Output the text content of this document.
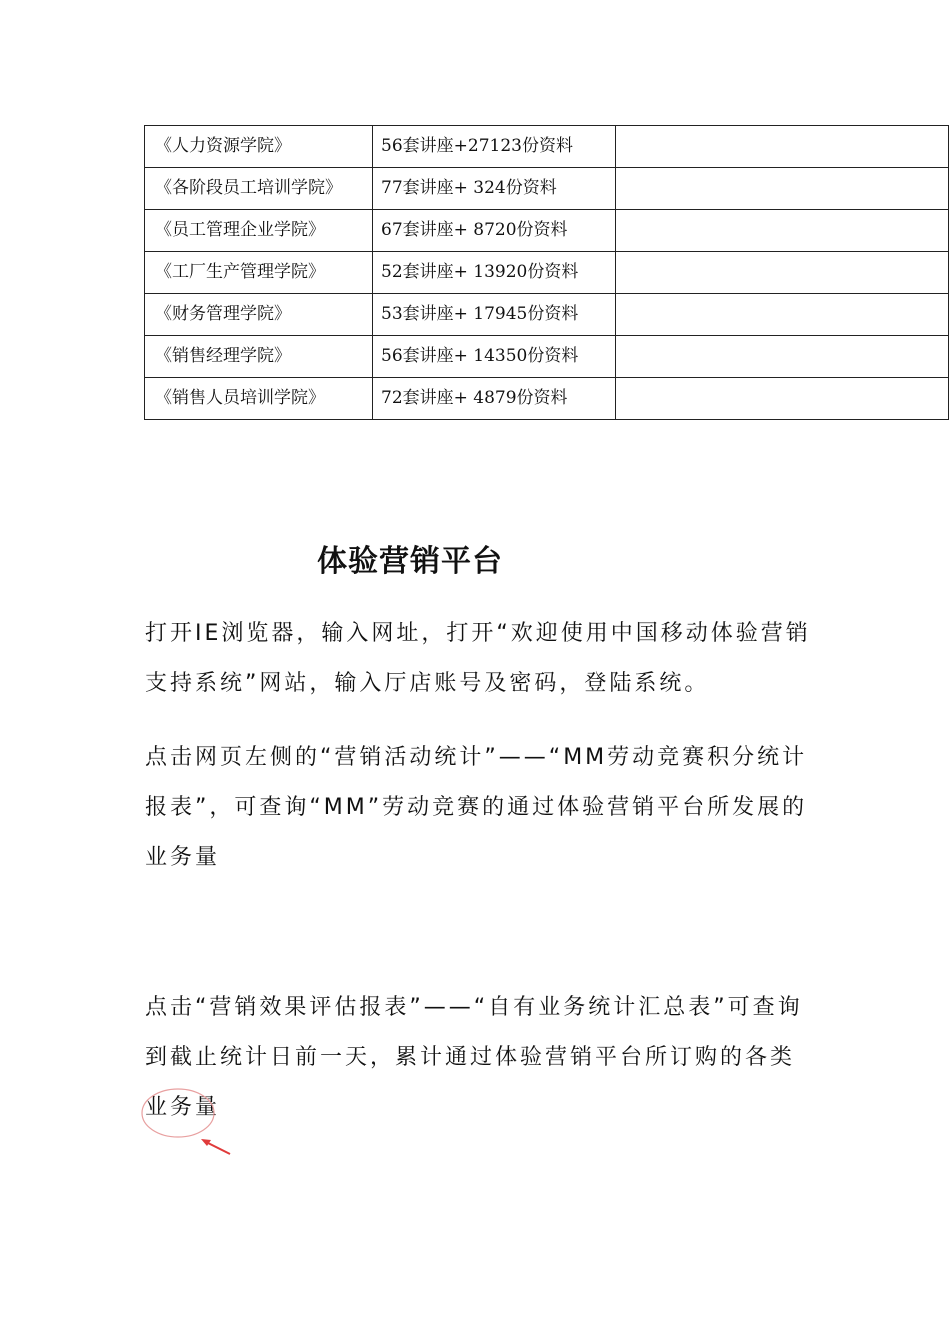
《人力资源学院》	56套讲座+27123份资料	
《各阶段员工培训学院》	77套讲座+ 324份资料	
《员工管理企业学院》	67套讲座+ 8720份资料	
《工厂生产管理学院》	52套讲座+ 13920份资料	
《财务管理学院》	53套讲座+ 17945份资料	
《销售经理学院》	56套讲座+ 14350份资料	
《销售人员培训学院》	72套讲座+ 4879份资料	
体验营销平台
打开IE浏览器，输入网址，打开“欢迎使用中国移动体验营销支持系统”网站，输入厅店账号及密码，登陆系统。
点击网页左侧的“营销活动统计”——“MM劳动竞赛积分统计报表”，可查询“MM”劳动竞赛的通过体验营销平台所发展的业务量
点击“营销效果评估报表”——“自有业务统计汇总表”可查询到截止统计日前一天，累计通过体验营销平台所订购的各类业务量
